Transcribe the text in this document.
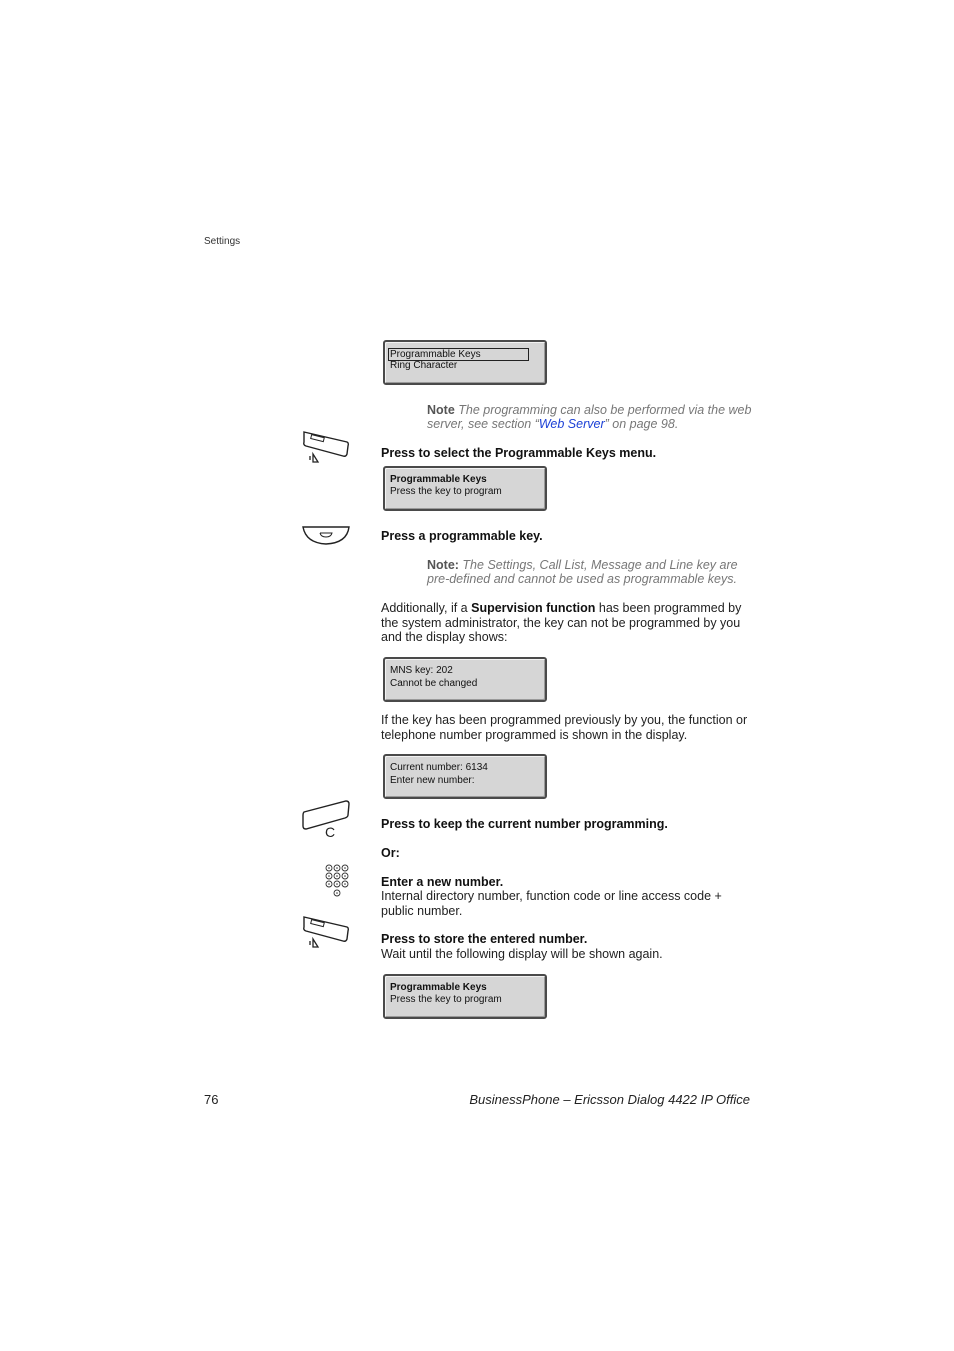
Settings
Programmable Keys
Ring Character
Note The programming can also be performed via the web server, see section “Web Server” on page 98.
Press to select the Programmable Keys menu.
Programmable Keys
Press the key to program
Press a programmable key.
Note: The Settings, Call List, Message and Line key are pre-defined and cannot be used as programmable keys.
Additionally, if a Supervision function has been programmed by the system administrator, the key can not be programmed by you and the display shows:
MNS key: 202
Cannot be changed
If the key has been programmed previously by you, the function or telephone number programmed is shown in the display.
Current number: 6134
Enter new number:
C	Press to keep the current number programming.
Or:
Enter a new number.
Internal directory number, function code or line access code + public number.
Press to store the entered number.
Wait until the following display will be shown again.
Programmable Keys
Press the key to program
76	BusinessPhone – Ericsson Dialog 4422 IP Office
